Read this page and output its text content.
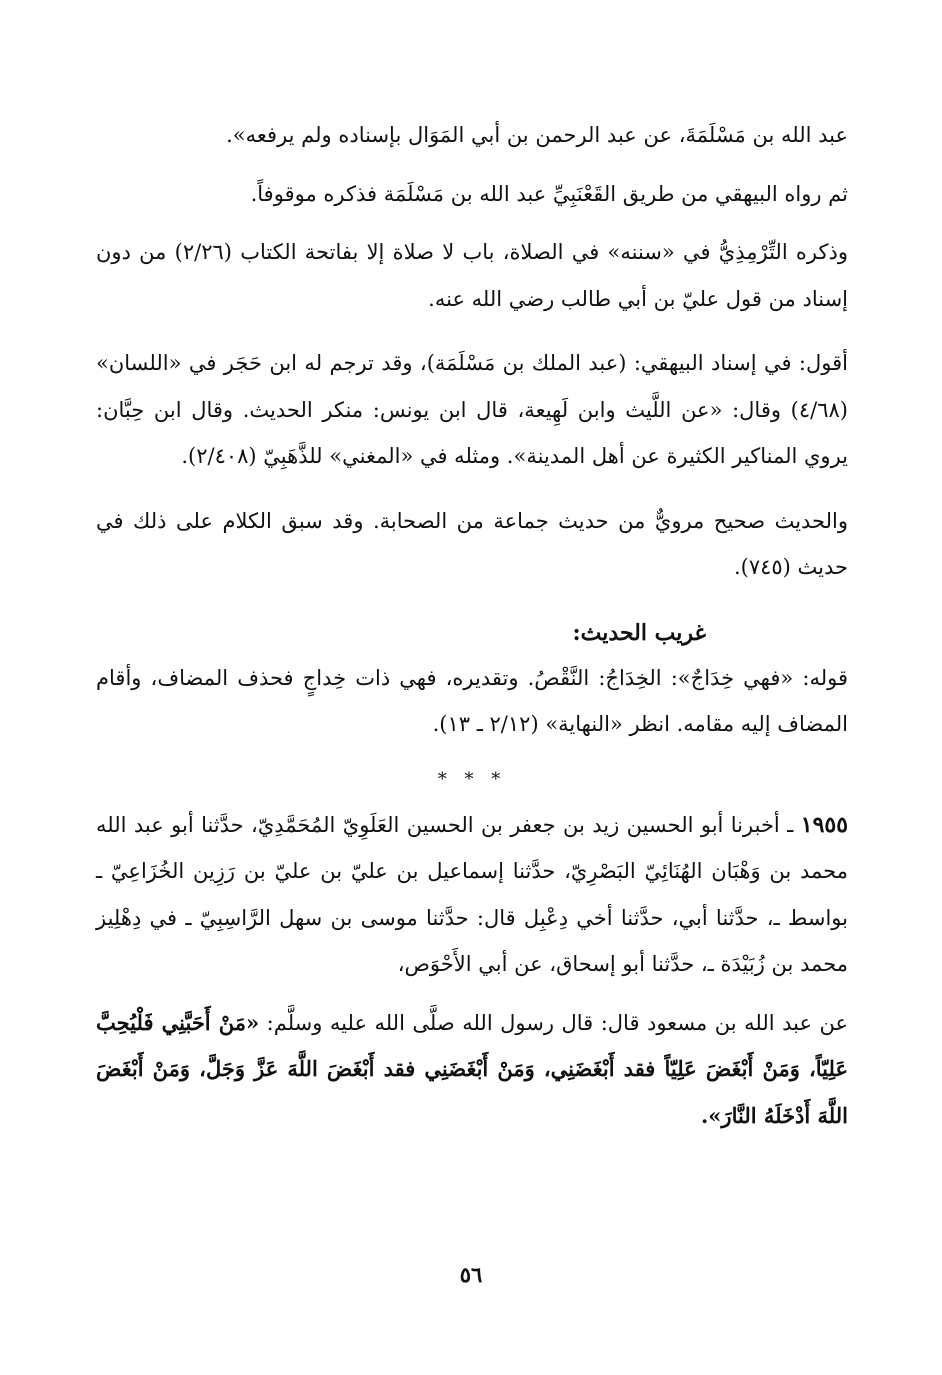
عبد الله بن مَسْلَمَةَ، عن عبد الرحمن بن أبي المَوَال بإسناده ولم يرفعه».

ثم رواه البيهقي من طريق القَعْنَبِيِّ عبد الله بن مَسْلَمَة فذكره موقوفاً.

وذكره التِّرْمِذِيُّ في «سننه» في الصلاة، باب لا صلاة إلا بفاتحة الكتاب (٢/٢٦) من دون إسناد من قول عليّ بن أبي طالب رضي الله عنه.

أقول: في إسناد البيهقي: (عبد الملك بن مَسْلَمَة)، وقد ترجم له ابن حَجَر في «اللسان» (٤/٦٨) وقال: «عن اللَّيث وابن لَهِيعة، قال ابن يونس: منكر الحديث. وقال ابن حِبَّان: يروي المناكير الكثيرة عن أهل المدينة». ومثله في «المغني» للذَّهَبِيّ (٢/٤٠٨).

والحديث صحيح مرويٌّ من حديث جماعة من الصحابة. وقد سبق الكلام على ذلك في حديث (٧٤٥).

غريب الحديث:

قوله: «فهي خِدَاجٌ»: الخِدَاجُ: النَّقْصُ. وتقديره، فهي ذات خِداجٍ فحذف المضاف، وأقام المضاف إليه مقامه. انظر «النهاية» (٢/١٢ ـ ١٣).

* * *

١٩٥٥ ـ أخبرنا أبو الحسين زيد بن جعفر بن الحسين العَلَوِيّ المُحَمَّدِيّ، حدَّثنا أبو عبد الله محمد بن وَهْبَان الهُنَائِيّ البَصْرِيّ، حدَّثنا إسماعيل بن عليّ بن عليّ بن رَزِين الخُزَاعِيّ ـ بواسط ـ، حدَّثنا أبي، حدَّثنا أخي دِعْبِل قال: حدَّثنا موسى بن سهل الرَّاسِبِيّ ـ في دِهْلِيز محمد بن زُبَيْدَة ـ، حدَّثنا أبو إسحاق، عن أبي الأَحْوَص،

عن عبد الله بن مسعود قال: قال رسول الله صلَّى الله عليه وسلَّم: «مَنْ أَحَبَّنِي فَلْيُحِبَّ عَلِيّاً، وَمَنْ أَبْغَضَ عَلِيّاً فقد أَبْغَضَنِي، وَمَنْ أَبْغَضَنِي فقد أَبْغَضَ اللَّهَ عَزَّ وَجَلَّ، وَمَنْ أَبْغَضَ اللَّهَ أَدْخَلَهُ النَّارَ».

٥٦
